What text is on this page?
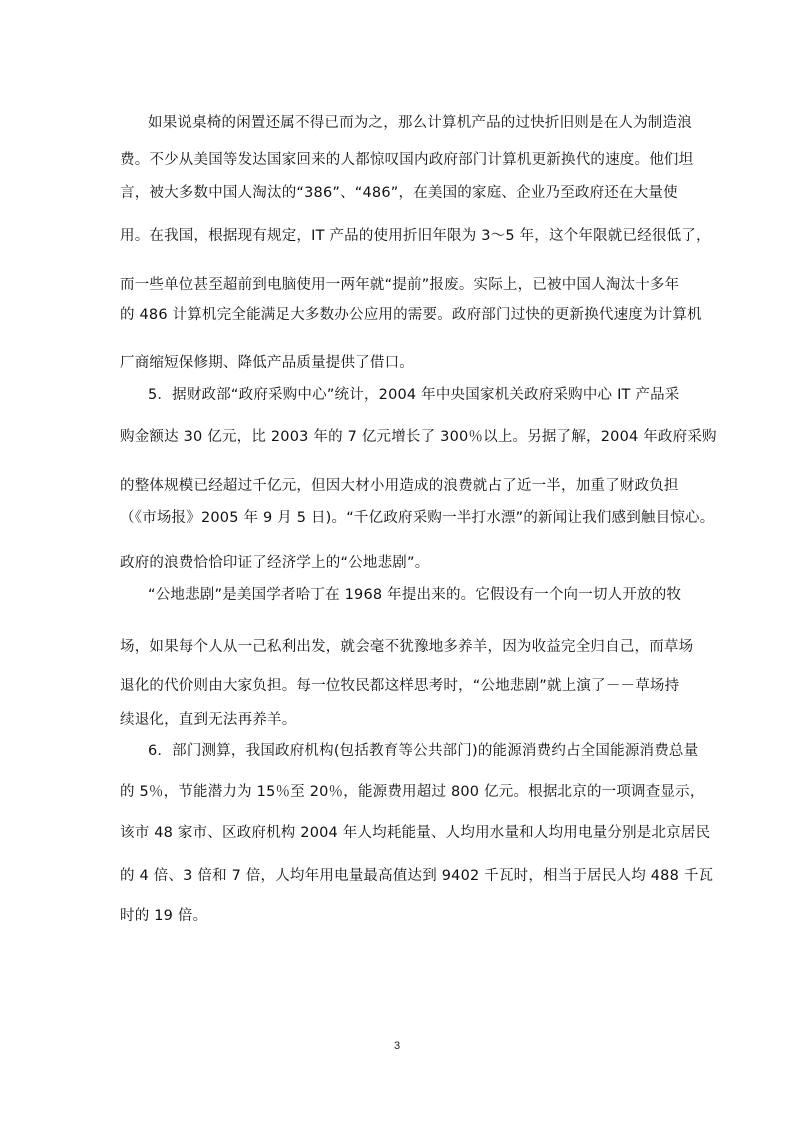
如果说桌椅的闲置还属不得已而为之，那么计算机产品的过快折旧则是在人为制造浪
费。不少从美国等发达国家回来的人都惊叹国内政府部门计算机更新换代的速度。他们坦
言，被大多数中国人淘汰的“386”、“486”，在美国的家庭、企业乃至政府还在大量使
用。在我国，根据现有规定，IT 产品的使用折旧年限为 3～5 年，这个年限就已经很低了，
而一些单位甚至超前到电脑使用一两年就“提前”报废。实际上，已被中国人淘汰十多年
的 486 计算机完全能满足大多数办公应用的需要。政府部门过快的更新换代速度为计算机
厂商缩短保修期、降低产品质量提供了借口。
5．据财政部“政府采购中心”统计，2004 年中央国家机关政府采购中心 IT 产品采
购金额达 30 亿元，比 2003 年的 7 亿元增长了 300％以上。另据了解，2004 年政府采购
的整体规模已经超过千亿元，但因大材小用造成的浪费就占了近一半，加重了财政负担
（《市场报》2005 年 9 月 5 日)。“千亿政府采购一半打水漂”的新闻让我们感到触目惊心。
政府的浪费恰恰印证了经济学上的“公地悲剧”。
“公地悲剧”是美国学者哈丁在 1968 年提出来的。它假设有一个向一切人开放的牧
场，如果每个人从一己私利出发，就会毫不犹豫地多养羊，因为收益完全归自己，而草场
退化的代价则由大家负担。每一位牧民都这样思考时，“公地悲剧”就上演了－－草场持
续退化，直到无法再养羊。
6．部门测算，我国政府机构(包括教育等公共部门)的能源消费约占全国能源消费总量
的 5％，节能潜力为 15％至 20％，能源费用超过 800 亿元。根据北京的一项调查显示，
该市 48 家市、区政府机构 2004 年人均耗能量、人均用水量和人均用电量分别是北京居民
的 4 倍、3 倍和 7 倍，人均年用电量最高值达到 9402 千瓦时，相当于居民人均 488 千瓦
时的 19 倍。
3
